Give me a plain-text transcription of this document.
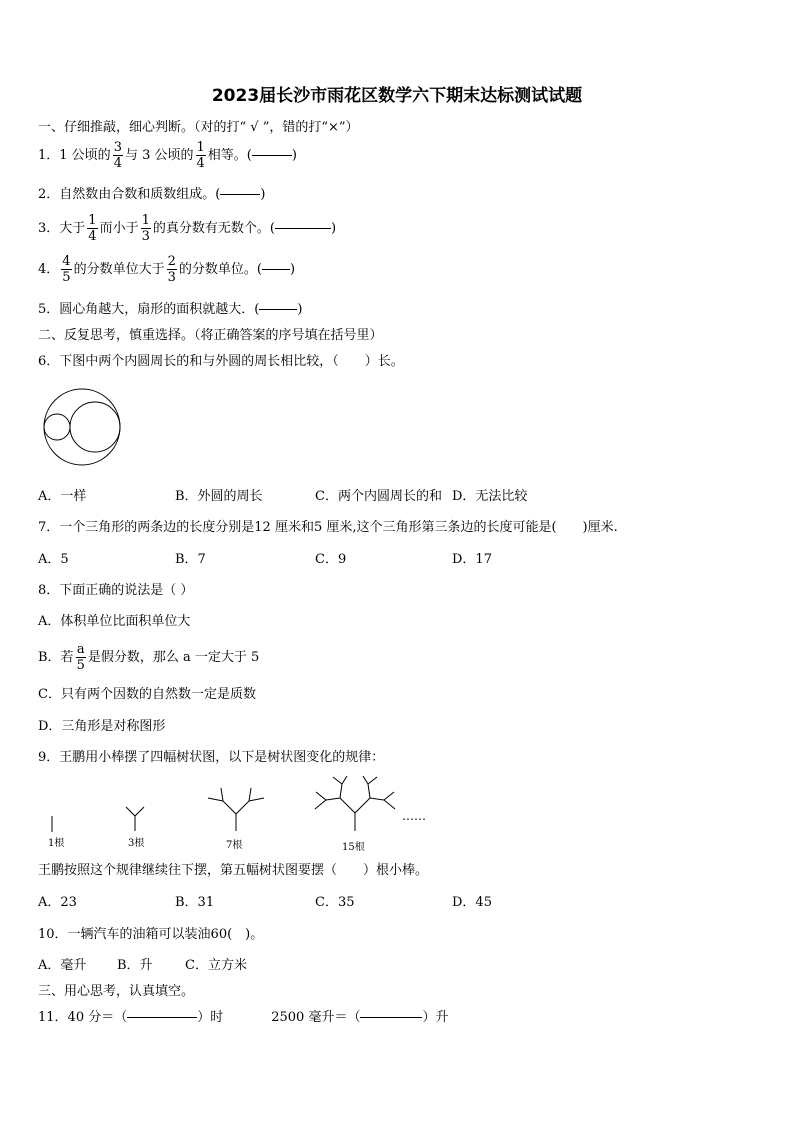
2023届长沙市雨花区数学六下期末达标测试试题
一、仔细推敲，细心判断。（对的打“ √ ”，错的打“×”）
1．1 公顷的 $\frac{3}{4}$ 与 3 公顷的 $\frac{1}{4}$ 相等。(	)
2．自然数由合数和质数组成。(	)
3．大于 $\frac{1}{4}$ 而小于 $\frac{1}{3}$ 的真分数有无数个。(	)
4． $\frac{4}{5}$ 的分数单位大于 $\frac{2}{3}$ 的分数单位。( )
5．圆心角越大，扇形的面积就越大．(	)
二、反复思考，慎重选择。（将正确答案的序号填在括号里）
6．下图中两个内圆周长的和与外圆的周长相比较，（　　）长。
A．一样	B．外圆的周长	C．两个内圆周长的和 D．无法比较
7．一个三角形的两条边的长度分别是12 厘米和5 厘米,这个三角形第三条边的长度可能是(　　)厘米.
A．5	B．7	C．9	D．17
8．下面正确的说法是（ ）
A．体积单位比面积单位大
B．若 $\frac{a}{5}$ 是假分数，那么 a 一定大于 5
C．只有两个因数的自然数一定是质数
D．三角形是对称图形
9．王鹏用小棒摆了四幅树状图，以下是树状图变化的规律：
1根	3根	7根	15根
……
王鹏按照这个规律继续往下摆，第五幅树状图要摆（　　）根小棒。
A．23	B．31	C．35	D．45
10．一辆汽车的油箱可以装油60(　)。
A．毫升 B．升 C．立方米
三、用心思考，认真填空。
11．40 分＝（	）时	2500 毫升＝（	）升
